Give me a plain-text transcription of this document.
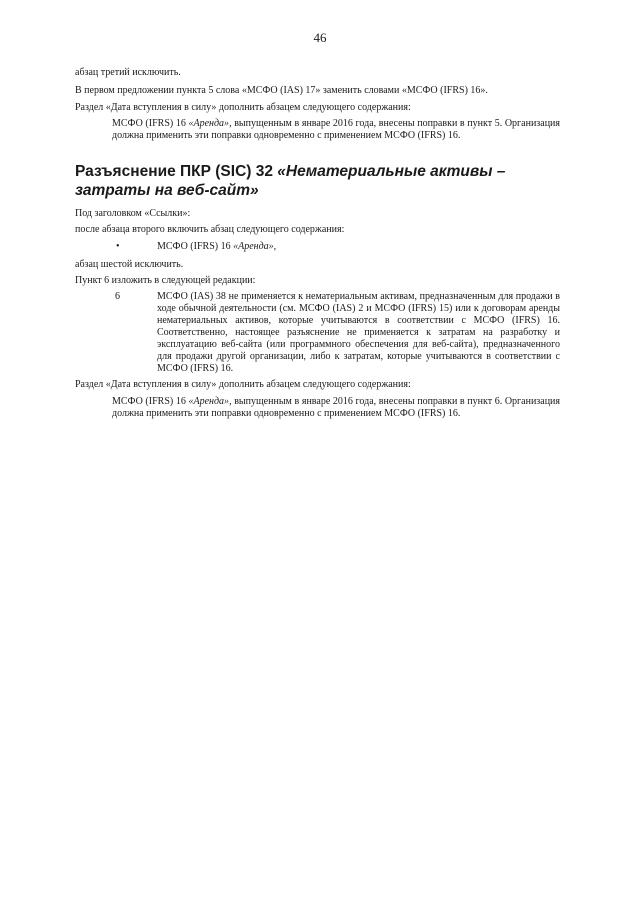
46
абзац третий исключить.
В первом предложении пункта 5 слова «МСФО (IAS) 17» заменить словами «МСФО (IFRS) 16».
Раздел «Дата вступления в силу» дополнить абзацем следующего содержания:
МСФО (IFRS) 16 «Аренда», выпущенным в январе 2016 года, внесены поправки в пункт 5. Организация должна применить эти поправки одновременно с применением МСФО (IFRS) 16.
Разъяснение ПКР (SIC) 32 «Нематериальные активы – затраты на веб-сайт»
Под заголовком «Ссылки»:
после абзаца второго включить абзац следующего содержания:
•	МСФО (IFRS) 16 «Аренда»,
абзац шестой исключить.
Пункт 6 изложить в следующей редакции:
6	МСФО (IAS) 38 не применяется к нематериальным активам, предназначенным для продажи в ходе обычной деятельности (см. МСФО (IAS) 2 и МСФО (IFRS) 15) или к договорам аренды нематериальных активов, которые учитываются в соответствии с МСФО (IFRS) 16. Соответственно, настоящее разъяснение не применяется к затратам на разработку и эксплуатацию веб-сайта (или программного обеспечения для веб-сайта), предназначенного для продажи другой организации, либо к затратам, которые учитываются в соответствии с МСФО (IFRS) 16.
Раздел «Дата вступления в силу» дополнить абзацем следующего содержания:
МСФО (IFRS) 16 «Аренда», выпущенным в январе 2016 года, внесены поправки в пункт 6. Организация должна применить эти поправки одновременно с применением МСФО (IFRS) 16.
